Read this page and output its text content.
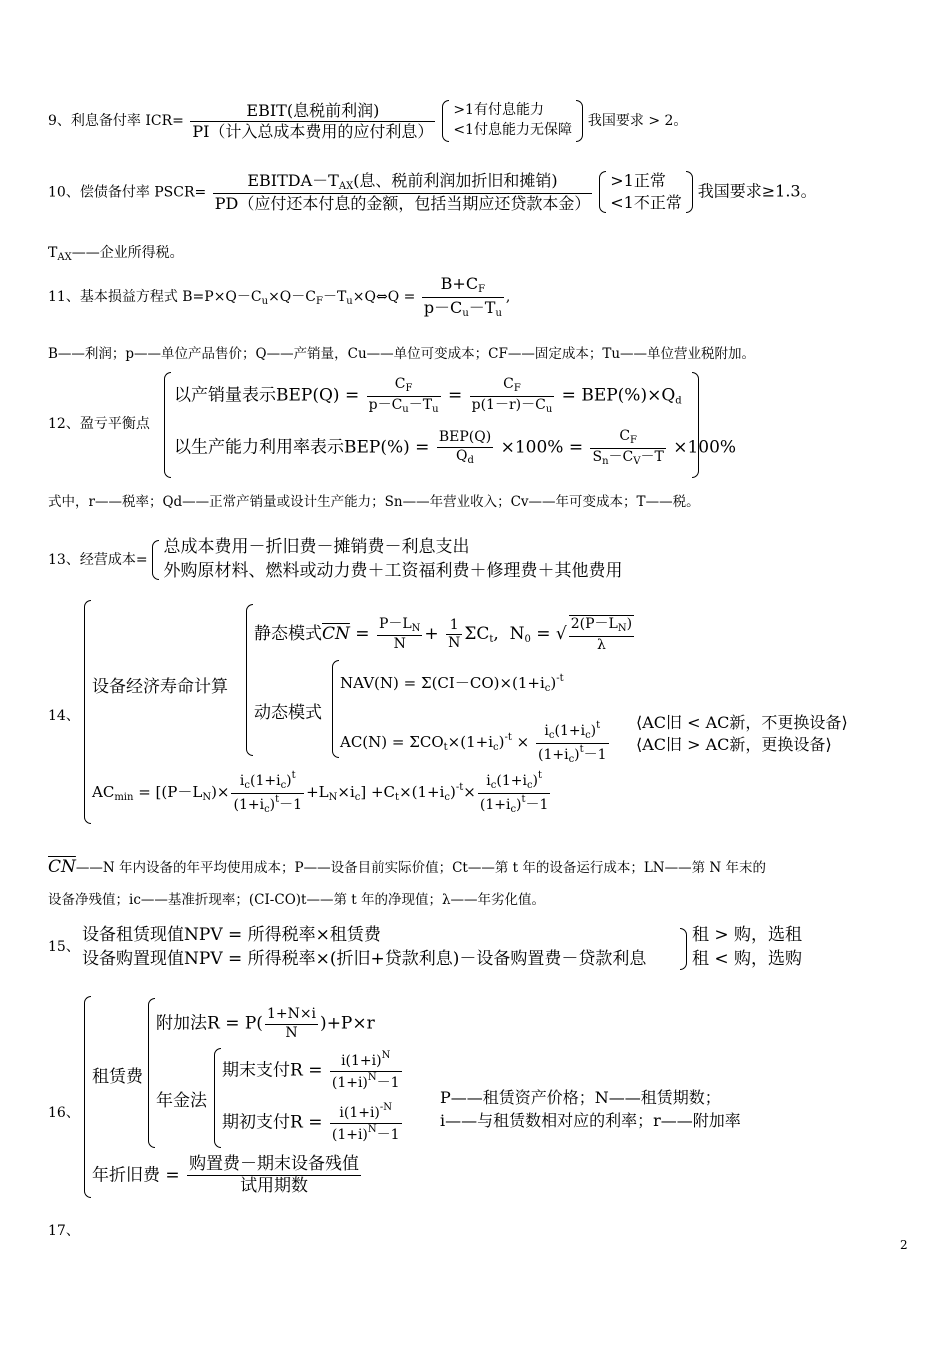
9、利息备付率 $ICR= \frac{\text{EBIT(息税前利润)}}{\text{PI（计入总成本费用的应付利息）}}$
>1有付息能力
<1付息能力无保障
我国要求 > 2。
10、偿债备付率 PSCR= $\frac{EBITDA-T_{AX}(息、税前利润加折旧和摊销)}{\text{PD（应付还本付息的金额，包括当期应还贷款本金）}}$
>1正常
<1不正常
我国要求≥1.3。
$T_{AX}——$企业所得税。
11、基本损益方程式 $B=P\times Q-C_u\times Q-C_F-T_u\times Q\Leftrightarrow Q = \frac{B+C_F}{p-C_u-T_u}$ ,
B——利润；p——单位产品售价；Q——产销量，Cu——单位可变成本；CF——固定成本；Tu——单位营业税附加。
12、盈亏平衡点
以产销量表示$BEP(Q) = \frac{C_F}{p-C_u-T_u} = \frac{C_F}{p(1-r)-C_u} = BEP(\%)\times Q_d$
以生产能力利用率表示$BEP(\%) = \frac{\text{BEP(Q)}}{Q_d} \times 100\% = \frac{C_F}{S_n-C_V-T} \times 100\%$
式中，r——税率；Qd——正常产销量或设计生产能力；Sn——年营业收入；Cv——年可变成本；T——税。
13、经营成本=
总成本费用－折旧费－摊销费－利息支出
外购原材料、燃料或动力费＋工资福利费＋修理费＋其他费用
14、
设备经济寿命计算
静态模式$\overline{CN} = \frac{P-L_N}{N} + \frac{1}{N} \Sigma C_t$,  $N_0$ = √ $\frac{2(P-L_N)}{\lambda}$
动态模式
$NAV(N) = \Sigma(CI-CO)\times(1+i_c)^{-t}$
$AC(N) = \Sigma CO_t\times(1+i_c)^{-t} \times \frac{i_c(1+i_c)^t}{(1+i_c)^t-1}$ ⟨AC旧 < AC新，不更换设备⟩
⟨AC旧 > AC新，更换设备⟩
$AC_{min} = [(P-L_N)\times \frac{i_c(1+i_c)^t}{(1+i_c)^t-1} +L_N\times i_c] +C_t\times(1+i_c)^{-t}\times \frac{i_c(1+i_c)^t}{(1+i_c)^t-1}$
$\overline{CN}——N$ 年内设备的年平均使用成本；P——设备目前实际价值；Ct——第 t 年的设备运行成本；LN——第 N 年末的
设备净残值；ic——基准折现率；(CI-CO)t——第 t 年的净现值；λ——年劣化值。
15、
设备租赁现值NPV = 所得税率×租赁费
设备购置现值NPV = 所得税率×(折旧+贷款利息)－设备购置费－贷款利息
租 > 购，选租
租 < 购，选购
16、
租赁费
附加法$R = P( \frac{1+N\times i}{N} )+P\times r$
年金法
期末支付$R = \frac{i(1+i)^N}{(1+i)^N-1}$
期初支付$R = \frac{i(1+i)^{-N}}{(1+i)^N-1}$
P——租赁资产价格；N——租赁期数；
i——与租赁数相对应的利率；r——附加率
年折旧费 = $\frac{\text{购置费－期末设备残值}}{\text{试用期数}}$
17、
2
